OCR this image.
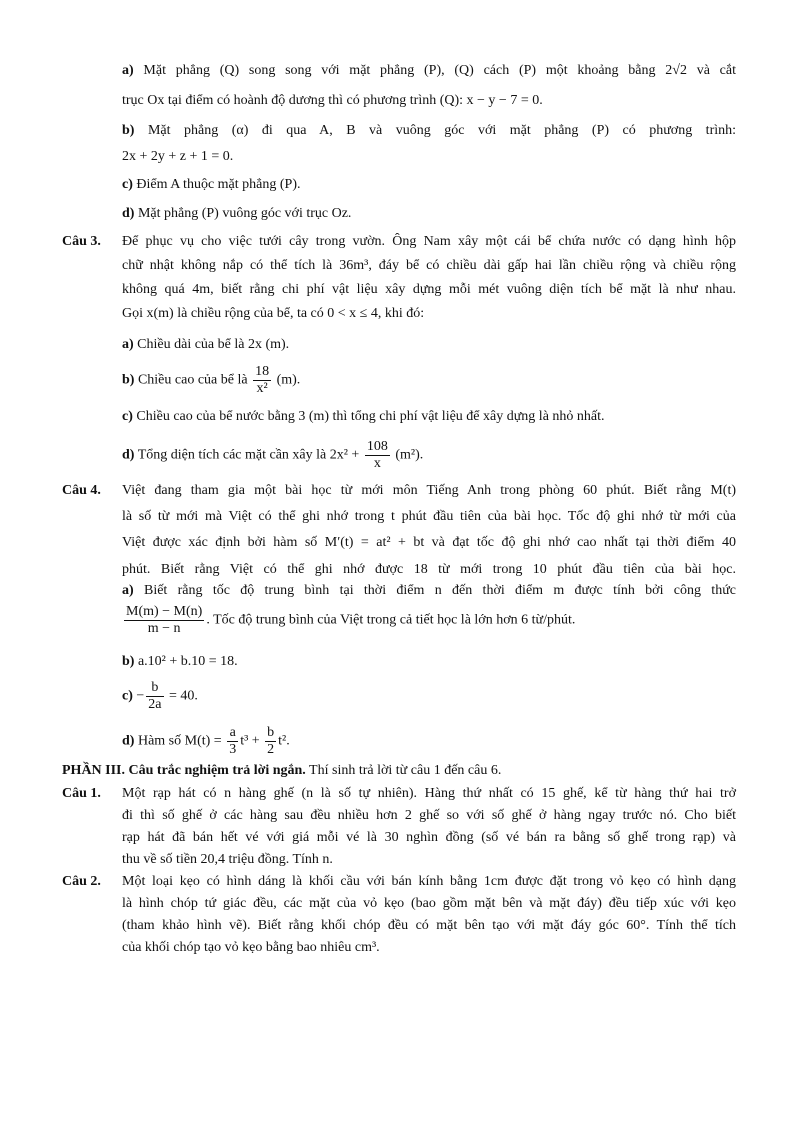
a) Mặt phẳng (Q) song song với mặt phẳng (P), (Q) cách (P) một khoảng bằng 2√2 và cắt
trục Ox tại điểm có hoành độ dương thì có phương trình (Q): x − y − 7 = 0.
b) Mặt phẳng (α) đi qua A, B và vuông góc với mặt phẳng (P) có phương trình:
2x + 2y + z + 1 = 0.
c) Điểm A thuộc mặt phẳng (P).
d) Mặt phẳng (P) vuông góc với trục Oz.
Câu 3. Để phục vụ cho việc tưới cây trong vườn. Ông Nam xây một cái bể chứa nước có dạng hình hộp
chữ nhật không nắp có thể tích là 36m³, đáy bể có chiều dài gấp hai lần chiều rộng và chiều rộng
không quá 4m, biết rằng chi phí vật liệu xây dựng mỗi mét vuông diện tích bể mặt là như nhau.
Gọi x(m) là chiều rộng của bể, ta có 0 < x ≤ 4, khi đó:
a) Chiều dài của bể là 2x (m).
b) Chiều cao của bể là $\frac{18}{\text{x²}} (m)$.
c) Chiều cao của bể nước bằng 3 (m) thì tổng chi phí vật liệu để xây dựng là nhỏ nhất.
d) Tổng diện tích các mặt cần xây là $2x^2 + \frac{108}{x} (m^2)$.
Câu 4. Việt đang tham gia một bài học từ mới môn Tiếng Anh trong phòng 60 phút. Biết rằng M(t)
là số từ mới mà Việt có thể ghi nhớ trong t phút đầu tiên của bài học. Tốc độ ghi nhớ từ mới của
Việt được xác định bởi hàm số M′(t) = at² + bt và đạt tốc độ ghi nhớ cao nhất tại thời điểm 40
phút. Biết rằng Việt có thể ghi nhớ được 18 từ mới trong 10 phút đầu tiên của bài học.
a) Biết rằng tốc độ trung bình tại thời điểm n đến thời điểm m được tính bởi công thức
$\frac{M(m) - M(n)}{m - n}$ . Tốc độ trung bình của Việt trong cả tiết học là lớn hơn 6 từ/phút.
b) a.10² + b.10 = 18.
$c) - \frac{b}{2a} = 40$.
d) Hàm số $M(t) = \frac{a}{3} t^3 + \frac{b}{2} t^2$.
PHẦN III. Câu trắc nghiệm trả lời ngắn. Thí sinh trả lời từ câu 1 đến câu 6.
Câu 1. Một rạp hát có n hàng ghế (n là số tự nhiên). Hàng thứ nhất có 15 ghế, kể từ hàng thứ hai trở
đi thì số ghế ở các hàng sau đều nhiều hơn 2 ghế so với số ghế ở hàng ngay trước nó. Cho biết
rạp hát đã bán hết vé với giá mỗi vé là 30 nghìn đồng (số vé bán ra bằng số ghế trong rạp) và
thu về số tiền 20,4 triệu đồng. Tính n.
Câu 2. Một loại kẹo có hình dáng là khối cầu với bán kính bằng 1cm được đặt trong vỏ kẹo có hình dạng
là hình chóp tứ giác đều, các mặt của vỏ kẹo (bao gồm mặt bên và mặt đáy) đều tiếp xúc với kẹo
(tham khảo hình vẽ). Biết rằng khối chóp đều có mặt bên tạo với mặt đáy góc 60°. Tính thể tích
của khối chóp tạo vỏ kẹo bằng bao nhiêu cm³.
